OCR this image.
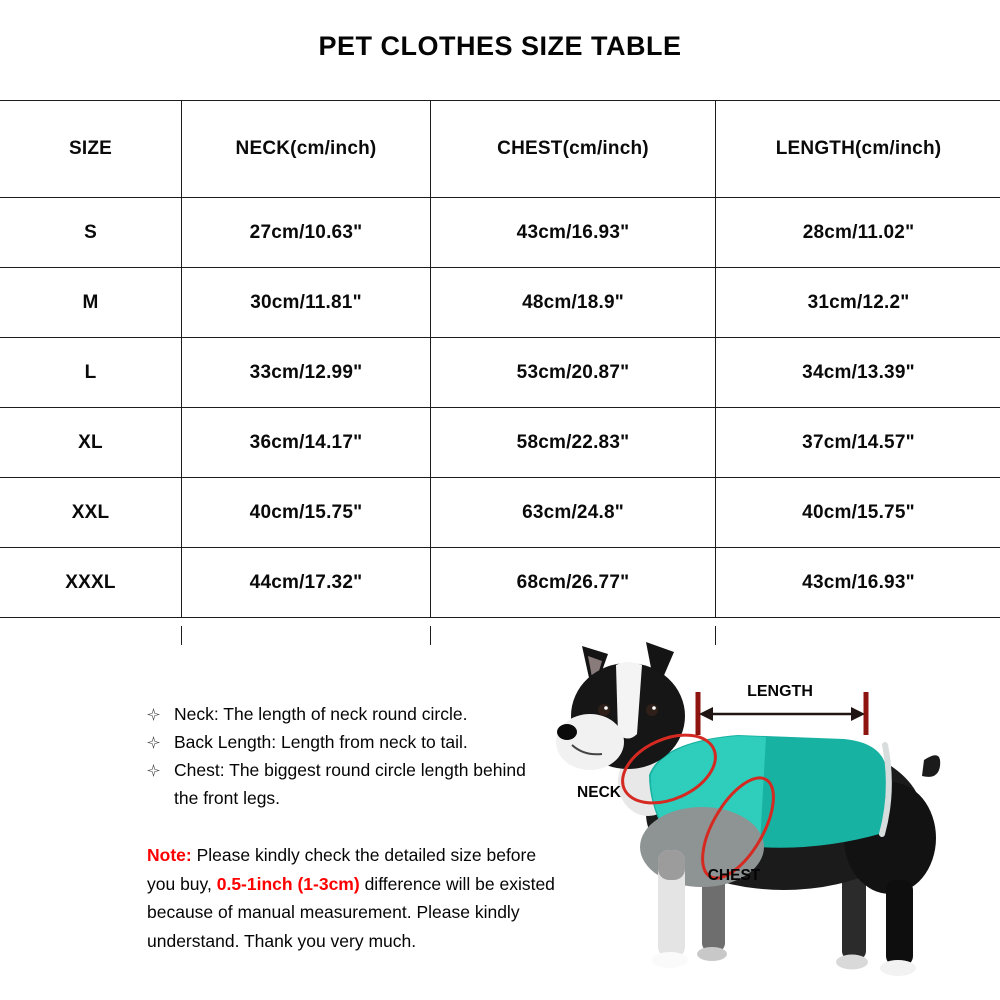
PET CLOTHES SIZE TABLE
SIZE	NECK(cm/inch)	CHEST(cm/inch)	LENGTH(cm/inch)
S	27cm/10.63"	43cm/16.93"	28cm/11.02"
M	30cm/11.81"	48cm/18.9"	31cm/12.2"
L	33cm/12.99"	53cm/20.87"	34cm/13.39"
XL	36cm/14.17"	58cm/22.83"	37cm/14.57"
XXL	40cm/15.75"	63cm/24.8"	40cm/15.75"
XXXL	44cm/17.32"	68cm/26.77"	43cm/16.93"
Neck: The length of neck round circle.
Back Length: Length from neck to tail.
Chest: The biggest round circle length behind the front legs.

Note: Please kindly check the detailed size before you buy, 0.5-1inch (1-3cm) difference will be existed because of manual measurement. Please kindly understand. Thank you very much.

LENGTH
NECK
CHEST
